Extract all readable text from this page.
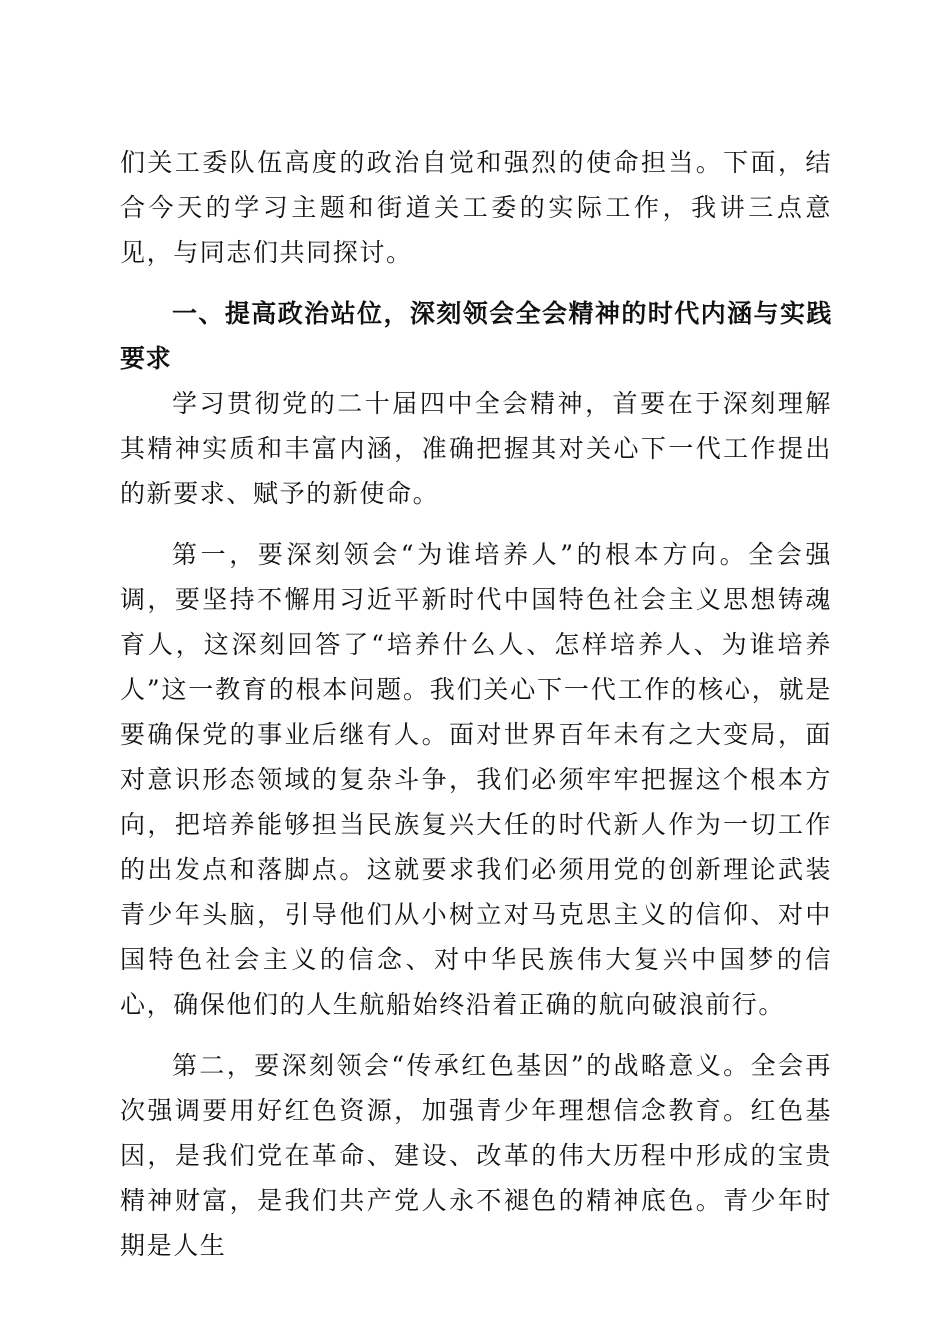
们关工委队伍高度的政治自觉和强烈的使命担当。下面，结合今天的学习主题和街道关工委的实际工作，我讲三点意见，与同志们共同探讨。

一、提高政治站位，深刻领会全会精神的时代内涵与实践要求

学习贯彻党的二十届四中全会精神，首要在于深刻理解其精神实质和丰富内涵，准确把握其对关心下一代工作提出的新要求、赋予的新使命。

第一，要深刻领会“为谁培养人”的根本方向。全会强调，要坚持不懈用习近平新时代中国特色社会主义思想铸魂育人，这深刻回答了“培养什么人、怎样培养人、为谁培养人”这一教育的根本问题。我们关心下一代工作的核心，就是要确保党的事业后继有人。面对世界百年未有之大变局，面对意识形态领域的复杂斗争，我们必须牢牢把握这个根本方向，把培养能够担当民族复兴大任的时代新人作为一切工作的出发点和落脚点。这就要求我们必须用党的创新理论武装青少年头脑，引导他们从小树立对马克思主义的信仰、对中国特色社会主义的信念、对中华民族伟大复兴中国梦的信心，确保他们的人生航船始终沿着正确的航向破浪前行。

第二，要深刻领会“传承红色基因”的战略意义。全会再次强调要用好红色资源，加强青少年理想信念教育。红色基因，是我们党在革命、建设、改革的伟大历程中形成的宝贵精神财富，是我们共产党人永不褪色的精神底色。青少年时期是人生
